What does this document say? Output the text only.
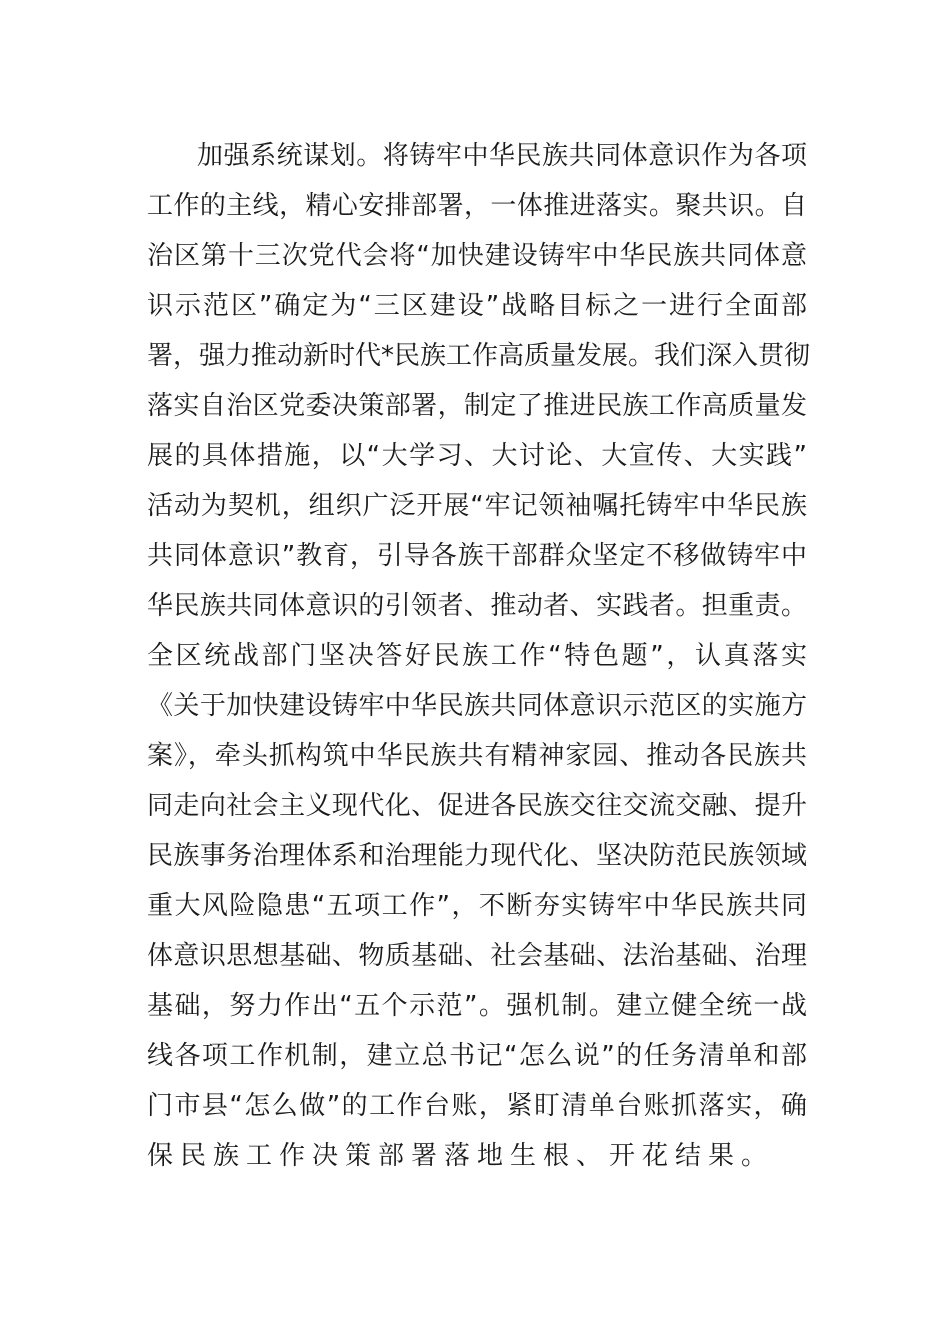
加强系统谋划。将铸牢中华民族共同体意识作为各项
工作的主线，精心安排部署，一体推进落实。聚共识。自
治区第十三次党代会将“加快建设铸牢中华民族共同体意
识示范区”确定为“三区建设”战略目标之一进行全面部
署，强力推动新时代*民族工作高质量发展。我们深入贯彻
落实自治区党委决策部署，制定了推进民族工作高质量发
展的具体措施，以“大学习、大讨论、大宣传、大实践”
活动为契机，组织广泛开展“牢记领袖嘱托铸牢中华民族
共同体意识”教育，引导各族干部群众坚定不移做铸牢中
华民族共同体意识的引领者、推动者、实践者。担重责。
全区统战部门坚决答好民族工作“特色题”，认真落实
《关于加快建设铸牢中华民族共同体意识示范区的实施方
案》，牵头抓构筑中华民族共有精神家园、推动各民族共
同走向社会主义现代化、促进各民族交往交流交融、提升
民族事务治理体系和治理能力现代化、坚决防范民族领域
重大风险隐患“五项工作”，不断夯实铸牢中华民族共同
体意识思想基础、物质基础、社会基础、法治基础、治理
基础，努力作出“五个示范”。强机制。建立健全统一战
线各项工作机制，建立总书记“怎么说”的任务清单和部
门市县“怎么做”的工作台账，紧盯清单台账抓落实，确
保民族工作决策部署落地生根、开花结果。
